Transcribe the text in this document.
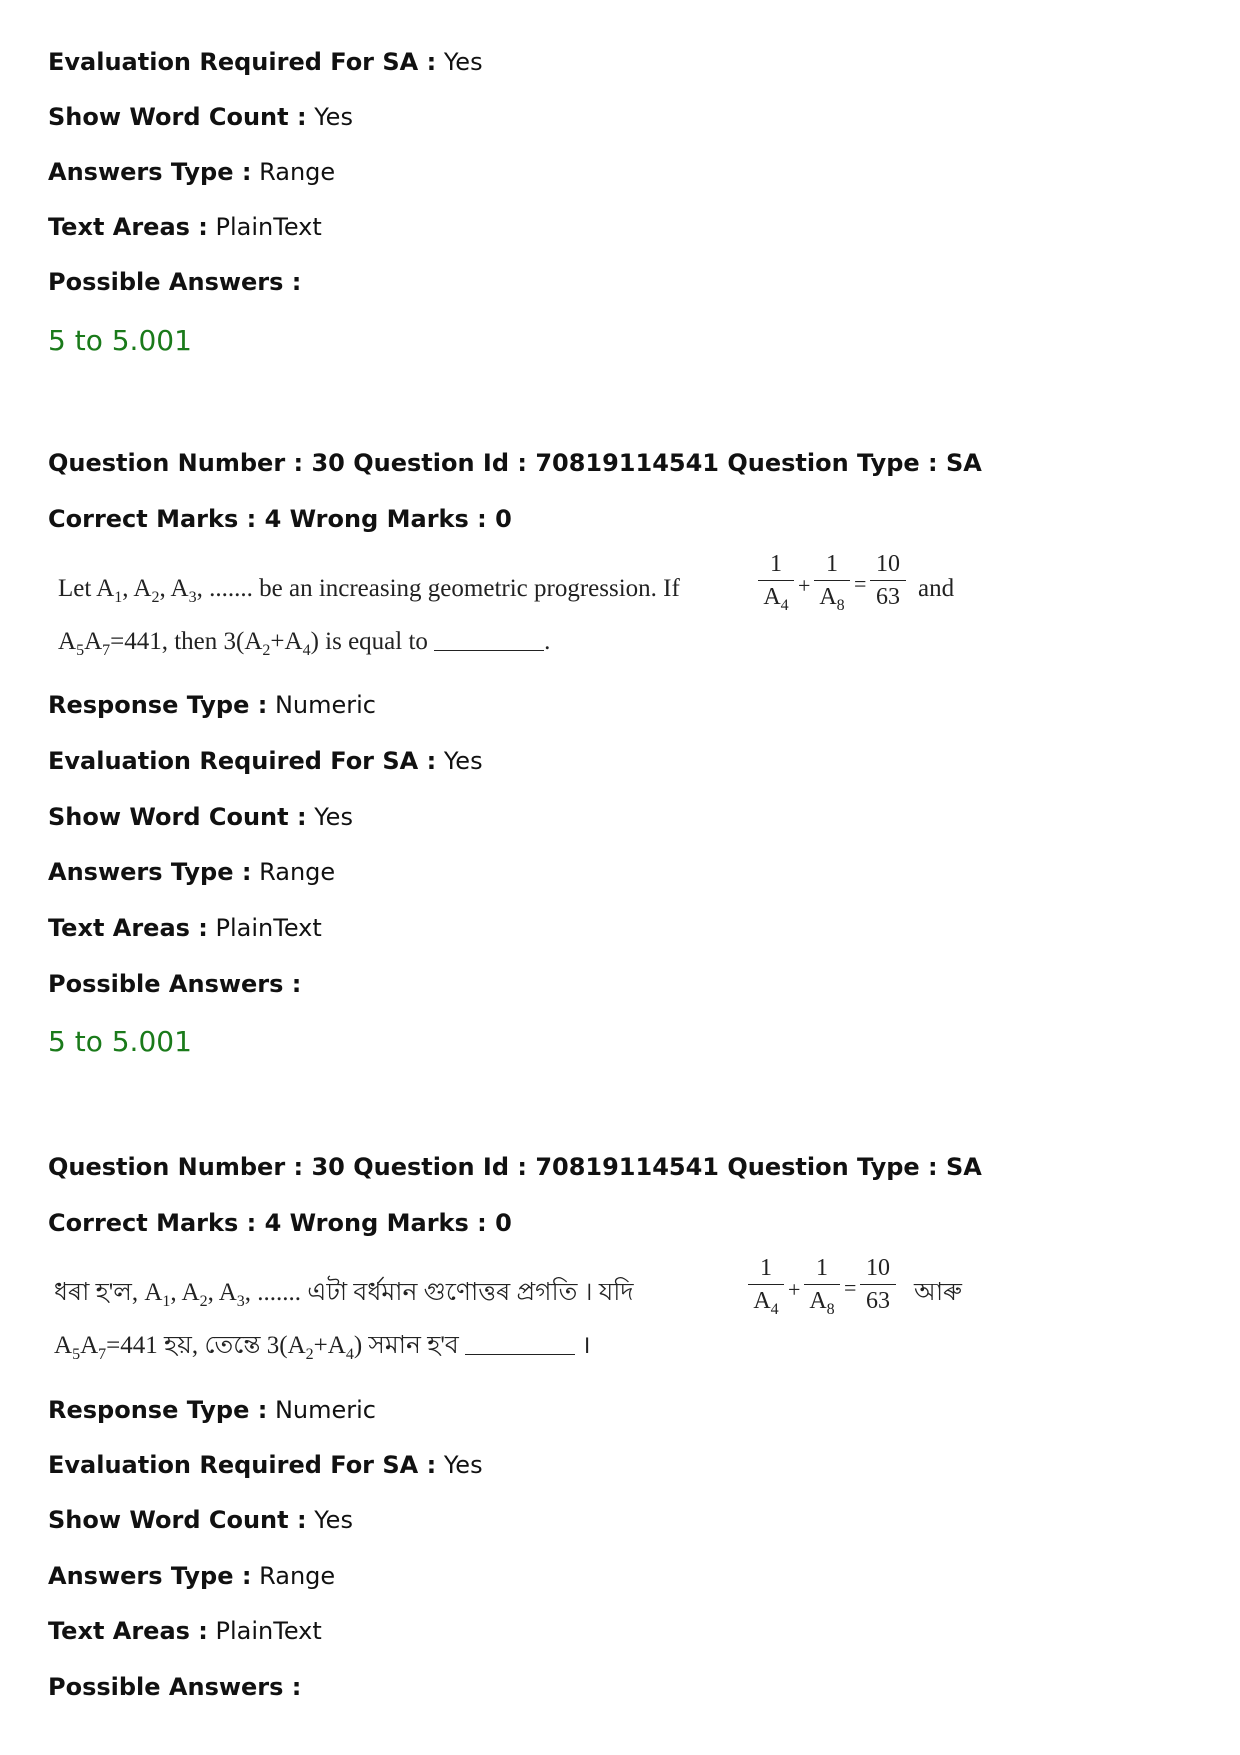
Evaluation Required For SA : Yes
Show Word Count : Yes
Answers Type : Range
Text Areas : PlainText
Possible Answers :
5 to 5.001
Question Number : 30 Question Id : 70819114541 Question Type : SA
Correct Marks : 4 Wrong Marks : 0
Let $A_1$, $A_2$, $A_3$, ....... be an increasing geometric progression. If
1
$A_4$
+
1
$A_8$
=
10
63 and
$A_5A_7=441$, then $3(A_2+A_4)$ is equal to	.
Response Type : Numeric
Evaluation Required For SA : Yes
Show Word Count : Yes
Answers Type : Range
Text Areas : PlainText
Possible Answers :
5 to 5.001
Question Number : 30 Question Id : 70819114541 Question Type : SA
Correct Marks : 4 Wrong Marks : 0
ধৰা হ'ল, $A_1$, $A_2$, $A_3$, ....... এটা বৰ্ধমান গুণোত্তৰ প্ৰগতি । যদি
1
$A_4$
+
1
$A_8$
=
10
63 আৰু
$A_5A_7=441$ হয়, তেন্তে $3(A_2+A_4)$ সমান হ'ব	।
Response Type : Numeric
Evaluation Required For SA : Yes
Show Word Count : Yes
Answers Type : Range
Text Areas : PlainText
Possible Answers :
